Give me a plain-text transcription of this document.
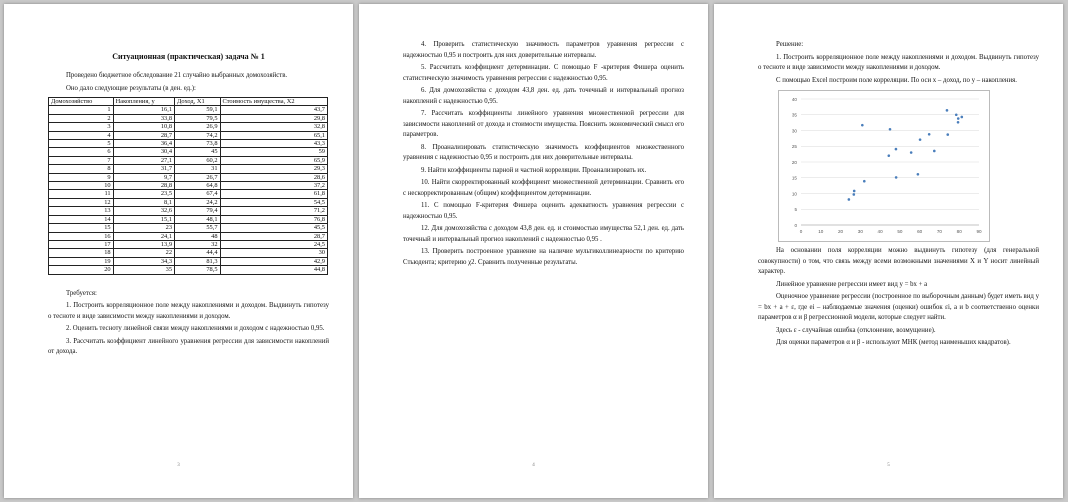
Ситуационная (практическая) задача № 1

Проведено бюджетное обследование 21 случайно выбранных домохозяйств.

Оно дало следующие результаты (в ден. ед.):

Домохозяйство	Накопления, у	Доход, X1	Стоимость имущества, X2
1	16,1	59,1	43,7
2	33,8	79,5	29,8
3	10,8	26,9	32,8
4	28,7	74,2	65,1
5	36,4	73,8	43,3
6	30,4	45	59
7	27,1	60,2	65,9
8	31,7	31	29,3
9	9,7	26,7	28,6
10	28,8	64,8	37,2
11	23,5	67,4	61,8
12	8,1	24,2	54,5
13	32,6	79,4	71,2
14	15,1	48,1	76,8
15	23	55,7	45,5
16	24,1	48	28,7
17	13,9	32	24,5
18	22	44,4	30
19	34,3	81,3	42,9
20	35	78,5	44,8

Требуется:

1. Построить корреляционное поле между накоплениями и доходом. Выдвинуть гипотезу о тесноте и виде зависимости между накоплениями и доходом.

2. Оценить тесноту линейной связи между накоплениями и доходом с надежностью 0,95.

3. Рассчитать коэффициент линейного уравнения регрессии для зависимости накоплений от дохода.

3

4. Проверить статистическую значимость параметров уравнения регрессии с надежностью 0,95 и построить для них доверительные интервалы.

5. Рассчитать коэффициент детерминации. С помощью F -критерия Фишера оценить статистическую значимость уравнения регрессии с надежностью 0,95.

6. Для домохозяйства с доходом 43,8 ден. ед. дать точечный и интервальный прогноз накоплений с надежностью 0,95.

7. Рассчитать коэффициенты линейного уравнения множественной регрессии для зависимости накоплений от дохода и стоимости имущества. Пояснить экономический смысл его параметров.

8. Проанализировать статистическую значимость коэффициентов множественного уравнения с надежностью 0,95 и построить для них доверительные интервалы.

9. Найти коэффициенты парной и частной корреляции. Проанализировать их.

10. Найти скорректированный коэффициент множественной детерминации. Сравнить его с нескорректированным (общим) коэффициентом детерминации.

11. С помощью F-критерия Фишера оценить адекватность уравнения регрессии с надежностью 0,95.

12. Для домохозяйства с доходом 43,8 ден. ед. и стоимостью имущества 52,1 ден. ед. дать точечный и интервальный прогноз накоплений с надежностью 0,95 .

13. Проверить построенное уравнение на наличие мультиколлинеарности по критерию Стьюдента; критерию χ2. Сравнить полученные результаты.

4

Решение:

1. Построить корреляционное поле между накоплениями и доходом. Выдвинуть гипотезу о тесноте и виде зависимости между накоплениями и доходом.

С помощью Excel построим поле корреляции. По оси х – доход, по у – накопления.

0
5
10
15
20
25
30
35
40
0	10	20	30	40	50	60	70	80	90

На основании поля корреляции можно выдвинуть гипотезу (для генеральной совокупности) о том, что связь между всеми возможными значениями X и Y носит линейный характер.

Линейное уравнение регрессии имеет вид y = bx + a

Оценочное уравнение регрессии (построенное по выборочным данным) будет иметь вид y = bx + a + ε, где ei – наблюдаемые значения (оценки) ошибок εi, а и b соответственно оценки параметров α и β регрессионной модели, которые следует найти.

Здесь ε - случайная ошибка (отклонение, возмущение).

Для оценки параметров α и β - используют МНК (метод наименьших квадратов).

5
